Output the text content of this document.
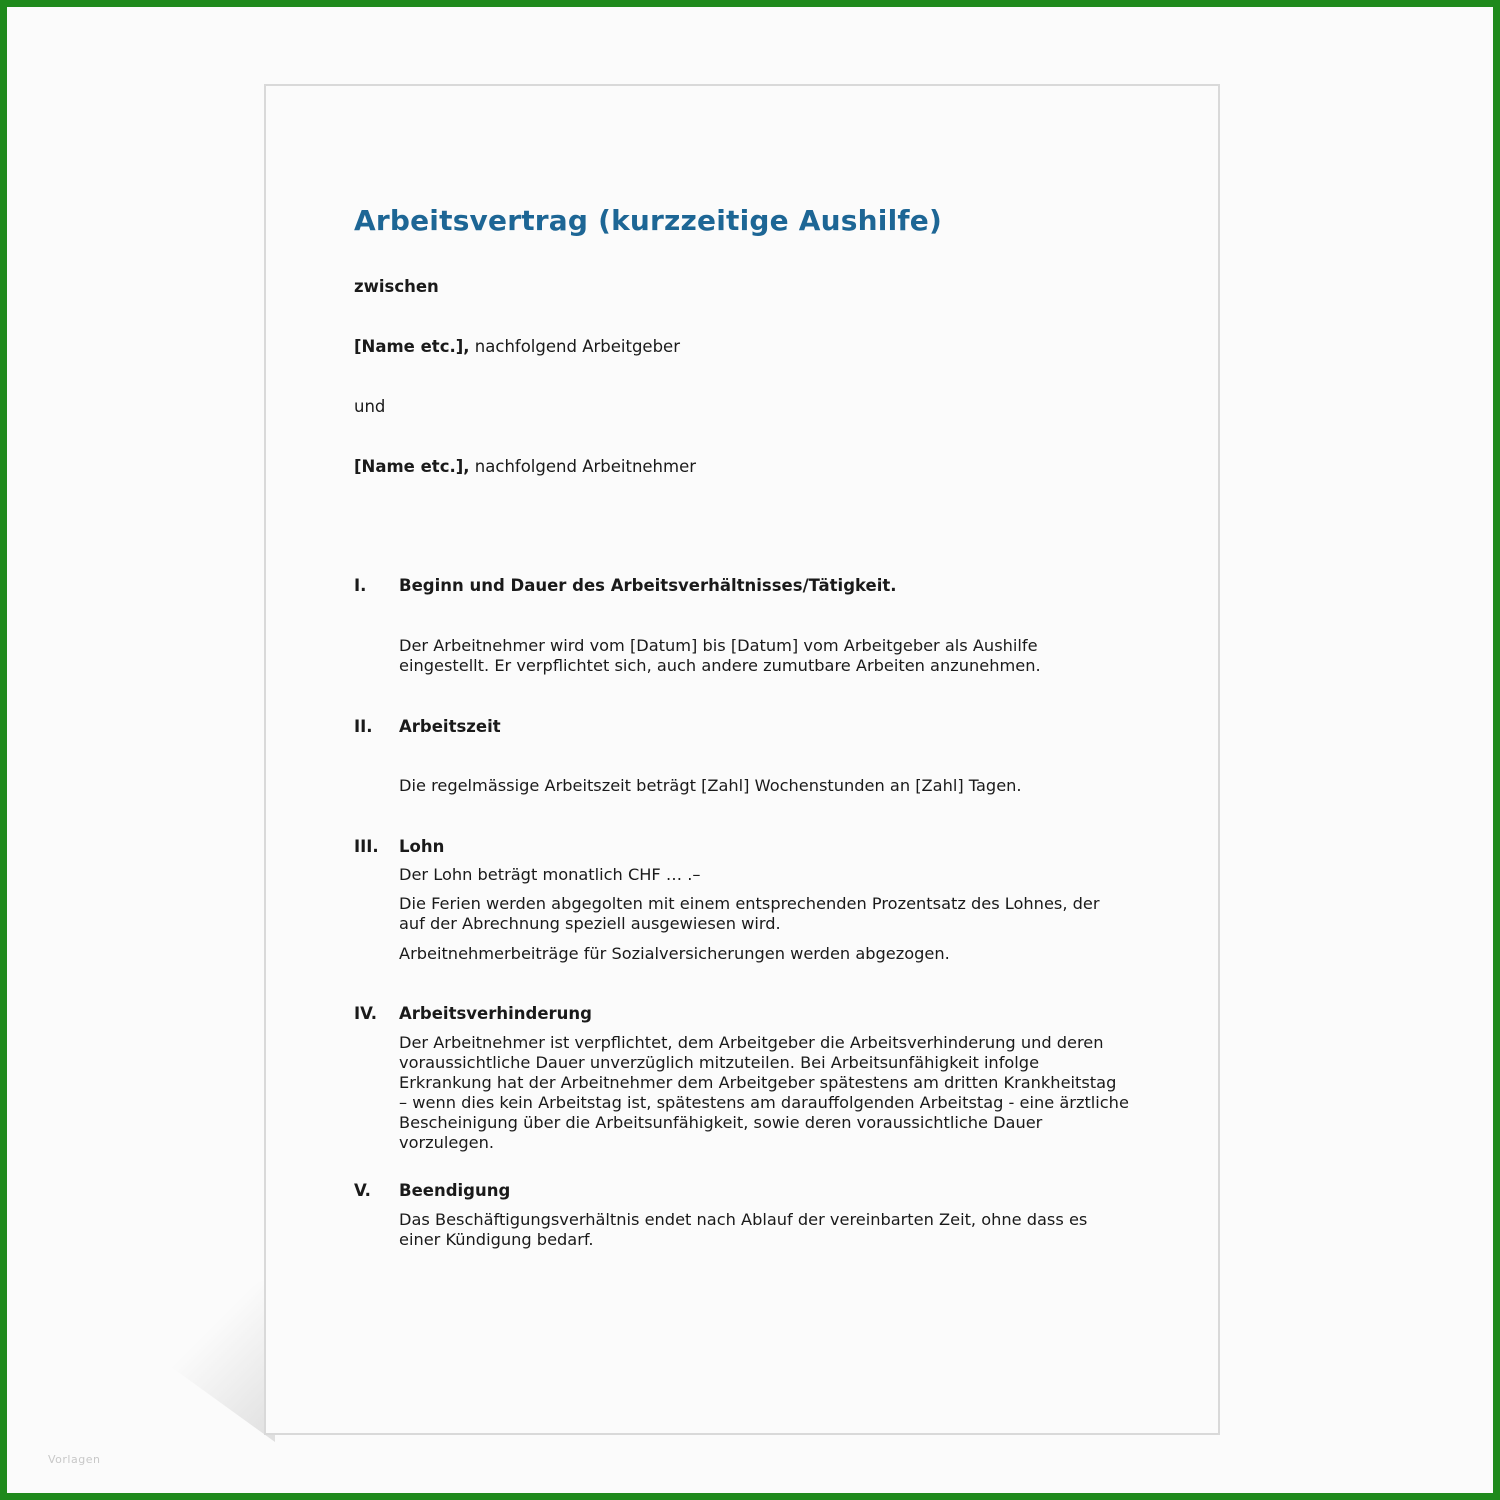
Arbeitsvertrag (kurzzeitige Aushilfe)
zwischen
[Name etc.], nachfolgend Arbeitgeber
und
[Name etc.], nachfolgend Arbeitnehmer
I. Beginn und Dauer des Arbeitsverhältnisses/Tätigkeit.

Der Arbeitnehmer wird vom [Datum] bis [Datum] vom Arbeitgeber als Aushilfe eingestellt. Er verpflichtet sich, auch andere zumutbare Arbeiten anzunehmen.

II. Arbeitszeit

Die regelmässige Arbeitszeit beträgt [Zahl] Wochenstunden an [Zahl] Tagen.

III. Lohn

Der Lohn beträgt monatlich CHF … .–

Die Ferien werden abgegolten mit einem entsprechenden Prozentsatz des Lohnes, der auf der Abrechnung speziell ausgewiesen wird.

Arbeitnehmerbeiträge für Sozialversicherungen werden abgezogen.

IV. Arbeitsverhinderung

Der Arbeitnehmer ist verpflichtet, dem Arbeitgeber die Arbeitsverhinderung und deren voraussichtliche Dauer unverzüglich mitzuteilen. Bei Arbeitsunfähigkeit infolge Erkrankung hat der Arbeitnehmer dem Arbeitgeber spätestens am dritten Krankheitstag – wenn dies kein Arbeitstag ist, spätestens am darauffolgenden Arbeitstag - eine ärztliche Bescheinigung über die Arbeitsunfähigkeit, sowie deren voraussichtliche Dauer vorzulegen.

V. Beendigung

Das Beschäftigungsverhältnis endet nach Ablauf der vereinbarten Zeit, ohne dass es einer Kündigung bedarf.

Vorlagen
